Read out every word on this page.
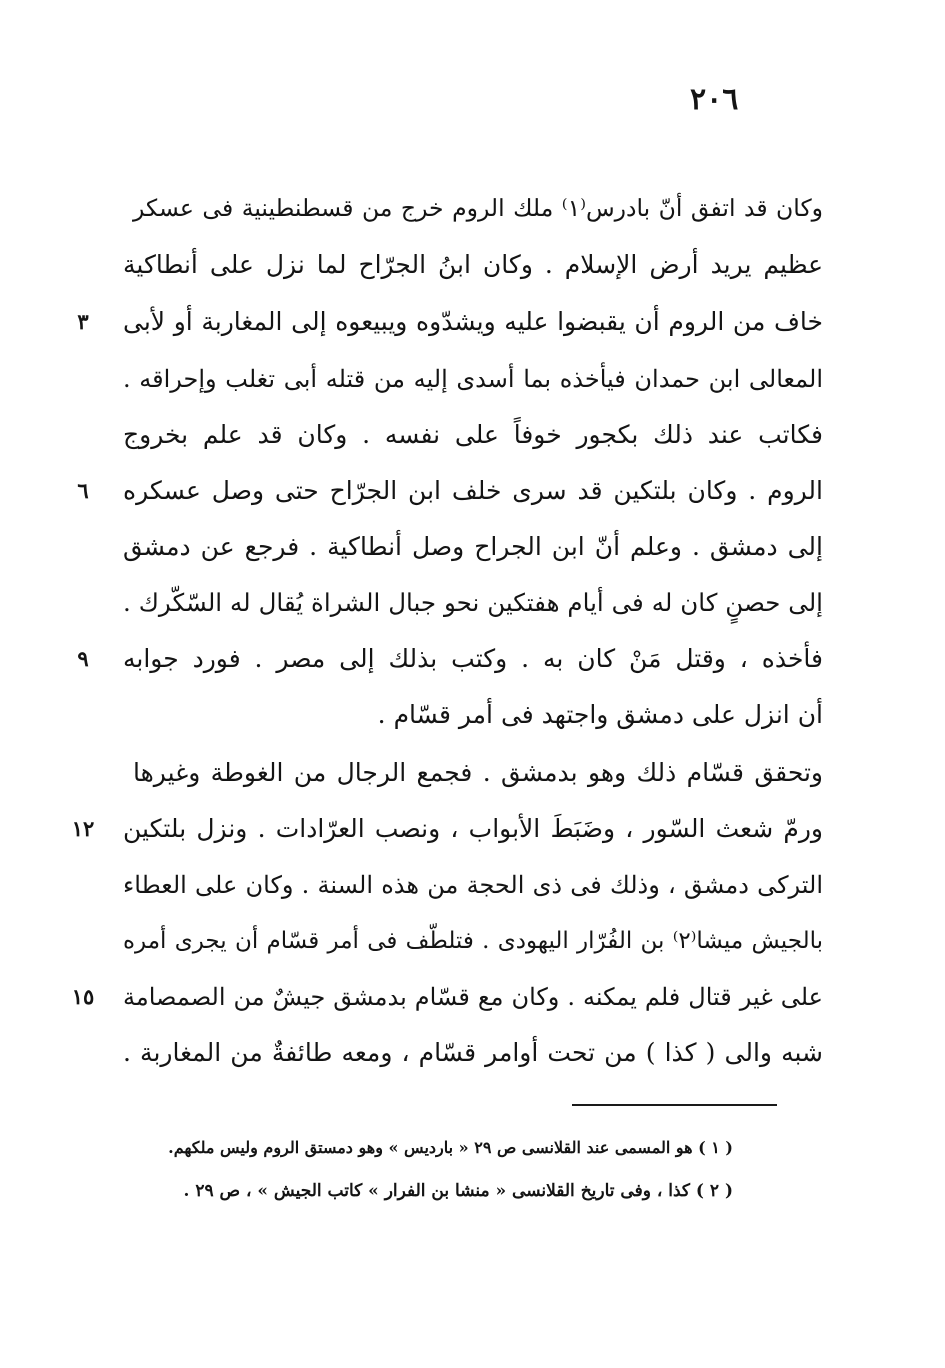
٢٠٦
وكان قد اتفق أنّ بادرس⁽١⁾ ملك الروم خرج من قسطنطينية فى عسكر
عظيم يريد أرض الإسلام . وكان ابنُ الجرّاح لما نزل على أنطاكية
٣	خاف من الروم أن يقبضوا عليه ويشدّوه ويبيعوه إلى المغاربة أو لأبى
المعالى ابن حمدان فيأخذه بما أسدى إليه من قتله أبى تغلب وإحراقه .
فكاتب عند ذلك بكجور خوفاً على نفسه . وكان قد علم بخروج
٦	الروم . وكان بلتكين قد سرى خلف ابن الجرّاح حتى وصل عسكره
إلى دمشق . وعلم أنّ ابن الجراح وصل أنطاكية . فرجع عن دمشق
إلى حصنٍ كان له فى أيام هفتكين نحو جبال الشراة يُقال له السّكّرك .
٩	فأخذه ، وقتل مَنْ كان به . وكتب بذلك إلى مصر . فورد جوابه
أن انزل على دمشق واجتهد فى أمر قسّام .
وتحقق قسّام ذلك وهو بدمشق . فجمع الرجال من الغوطة وغيرها
١٢	ورمّ شعث السّور ، وضَبَطَ الأبواب ، ونصب العرّادات . ونزل بلتكين
التركى دمشق ، وذلك فى ذى الحجة من هذه السنة . وكان على العطاء
بالجيش ميشا⁽٢⁾ بن الفُرّار اليهودى . فتلطّف فى أمر قسّام أن يجرى أمره
١٥	على غير قتال فلم يمكنه . وكان مع قسّام بدمشق جيشٌ من الصمصامة
شبه والى ( كذا ) من تحت أوامر قسّام ، ومعه طائفةٌ من المغاربة .
( ١ ) هو المسمى عند القلانسى ص ٢٩ « بارديس » وهو دمستق الروم وليس ملكهم.
( ٢ ) كذا ، وفى تاريخ القلانسى « منشا بن الفرار » كاتب الجيش » ، ص ٢٩ .
